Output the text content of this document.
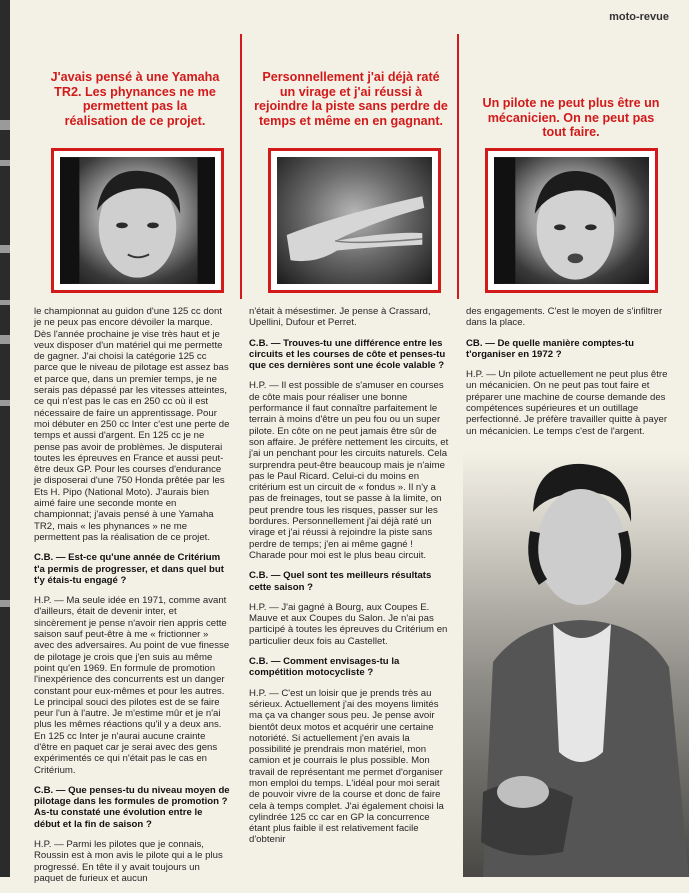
moto-revue
J'avais pensé à une Yamaha TR2. Les phynances ne me permettent pas la réalisation de ce projet.
Personnellement j'ai déjà raté un virage et j'ai réussi à rejoindre la piste sans perdre de temps et même en en gagnant.
Un pilote ne peut plus être un mécanicien. On ne peut pas tout faire.

le championnat au guidon d'une 125 cc dont je ne peux pas encore dévoiler la marque. Dès l'année prochaine je vise très haut et je veux disposer d'un matériel qui me permette de gagner. J'ai choisi la catégorie 125 cc parce que le niveau de pilotage est assez bas et parce que, dans un premier temps, je ne serais pas dépassé par les vitesses atteintes, ce qui n'est pas le cas en 250 cc où il est nécessaire de faire un apprentissage. Pour moi débuter en 250 cc Inter c'est une perte de temps et aussi d'argent. En 125 cc je ne pense pas avoir de problèmes. Je disputerai toutes les épreuves en France et aussi peut-être deux GP. Pour les courses d'endurance je disposerai d'une 750 Honda prêtée par les Ets H. Pipo (National Moto). J'aurais bien aimé faire une seconde monte en championnat; j'avais pensé à une Yamaha TR2, mais « les phynances » ne me permettent pas la réalisation de ce projet.

C.B. — Est-ce qu'une année de Critérium t'a permis de progresser, et dans quel but t'y étais-tu engagé ?

H.P. — Ma seule idée en 1971, comme avant d'ailleurs, était de devenir inter, et sincèrement je pense n'avoir rien appris cette saison sauf peut-être à me « frictionner » avec des adversaires. Au point de vue finesse de pilotage je crois que j'en suis au même point qu'en 1969. En formule de promotion l'inexpérience des concurrents est un danger constant pour eux-mêmes et pour les autres. Le principal souci des pilotes est de se faire peur l'un à l'autre. Je m'estime mûr et je n'ai plus les mêmes réactions qu'il y a deux ans. En 125 cc Inter je n'aurai aucune crainte d'être en paquet car je serai avec des gens expérimentés ce qui n'était pas le cas en Critérium.

C.B. — Que penses-tu du niveau moyen de pilotage dans les formules de promotion ? As-tu constaté une évolution entre le début et la fin de saison ?

H.P. — Parmi les pilotes que je connais, Roussin est à mon avis le pilote qui a le plus progressé. En tête il y avait toujours un paquet de furieux et aucun

n'était à mésestimer. Je pense à Crassard, Upellini, Dufour et Perret.

C.B. — Trouves-tu une différence entre les circuits et les courses de côte et penses-tu que ces dernières sont une école valable ?

H.P. — Il est possible de s'amuser en courses de côte mais pour réaliser une bonne performance il faut connaître parfaitement le terrain à moins d'être un peu fou ou un super pilote. En côte on ne peut jamais être sûr de son affaire. Je préfère nettement les circuits, et j'ai un penchant pour les circuits naturels. Cela surprendra peut-être beaucoup mais je n'aime pas le Paul Ricard. Celui-ci du moins en critérium est un circuit de « fondus ». Il n'y a pas de freinages, tout se passe à la limite, on peut prendre tous les risques, passer sur les bordures. Personnellement j'ai déjà raté un virage et j'ai réussi à rejoindre la piste sans perdre de temps; j'en ai même gagné ! Charade pour moi est le plus beau circuit.

C.B. — Quel sont tes meilleurs résultats cette saison ?

H.P. — J'ai gagné à Bourg, aux Coupes E. Mauve et aux Coupes du Salon. Je n'ai pas participé à toutes les épreuves du Critérium en particulier deux fois au Castellet.

C.B. — Comment envisages-tu la compétition motocycliste ?

H.P. — C'est un loisir que je prends très au sérieux. Actuellement j'ai des moyens limités ma ça va changer sous peu. Je pense avoir bientôt deux motos et acquérir une certaine notoriété. Si actuellement j'en avais la possibilité je prendrais mon matériel, mon camion et je courrais le plus possible. Mon travail de représentant me permet d'organiser mon emploi du temps. L'idéal pour moi serait de pouvoir vivre de la course et donc de faire cela à temps complet. J'ai également choisi la cylindrée 125 cc car en GP la concurrence étant plus faible il est relativement facile d'obtenir

des engagements. C'est le moyen de s'infiltrer dans la place.

CB. — De quelle manière comptes-tu t'organiser en 1972 ?

H.P. — Un pilote actuellement ne peut plus être un mécanicien. On ne peut pas tout faire et préparer une machine de course demande des compétences supérieures et un outillage perfectionné. Je préfère travailler quitte à payer un mécanicien. Le temps c'est de l'argent.
